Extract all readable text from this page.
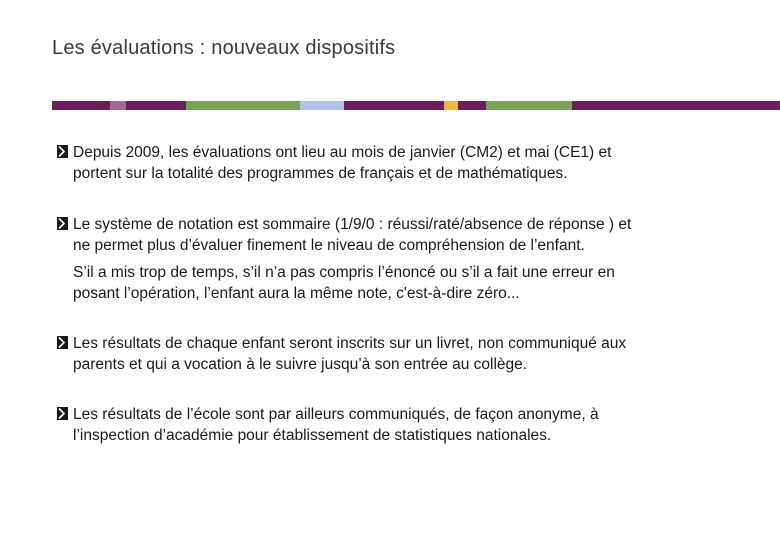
Les évaluations : nouveaux dispositifs

Depuis 2009, les évaluations ont lieu au mois de janvier (CM2) et mai (CE1) et

portent sur la totalité des programmes de français et de mathématiques.

Le système de notation est sommaire (1/9/0 : réussi/raté/absence de réponse ) et

ne permet plus d’évaluer finement le niveau de compréhension de l’enfant.

S’il a mis trop de temps, s’il n’a pas compris l’énoncé ou s’il a fait une erreur en

posant l’opération, l’enfant aura la même note, c'est-à-dire zéro...

Les résultats de chaque enfant seront inscrits sur un livret, non communiqué aux

parents et qui a vocation à le suivre jusqu’à son entrée au collège.

Les résultats de l’école sont par ailleurs communiqués, de façon anonyme, à

l’inspection d’académie pour établissement de statistiques nationales.
